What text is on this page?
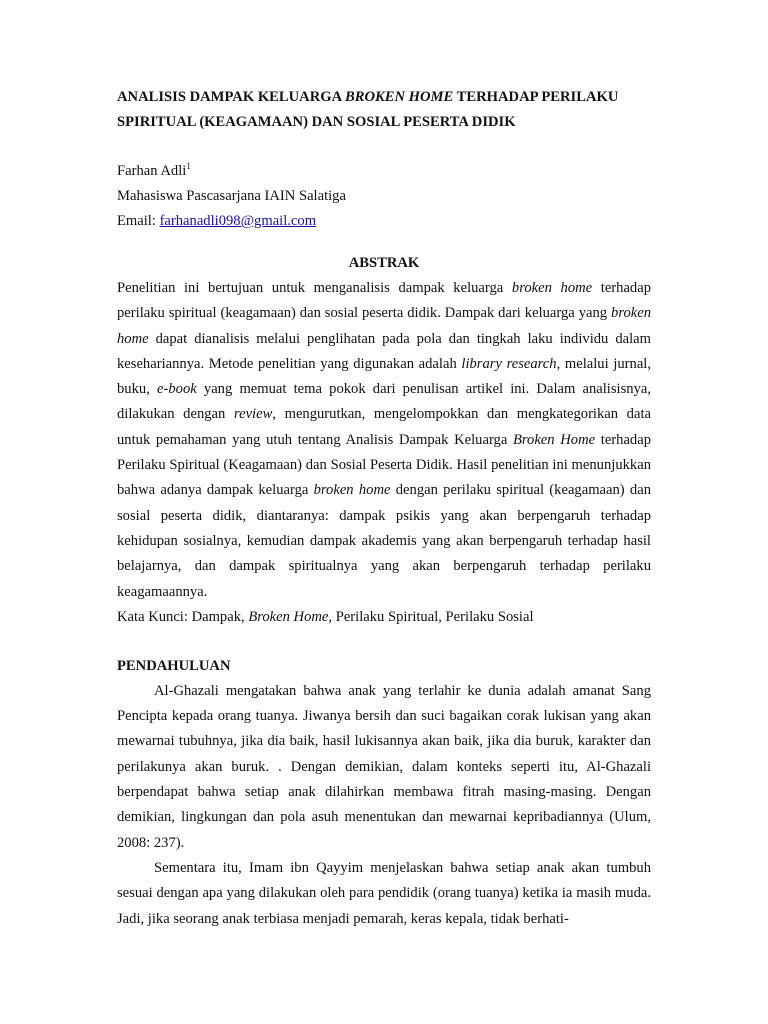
ANALISIS DAMPAK KELUARGA BROKEN HOME TERHADAP PERILAKU SPIRITUAL (KEAGAMAAN) DAN SOSIAL PESERTA DIDIK

Farhan Adli$^1$
Mahasiswa Pascasarjana IAIN Salatiga
Email: farhanadli098@gmail.com
ABSTRAK

Penelitian ini bertujuan untuk menganalisis dampak keluarga broken home terhadap perilaku spiritual (keagamaan) dan sosial peserta didik. Dampak dari keluarga yang broken home dapat dianalisis melalui penglihatan pada pola dan tingkah laku individu dalam kesehariannya. Metode penelitian yang digunakan adalah library research, melalui jurnal, buku, e-book yang memuat tema pokok dari penulisan artikel ini. Dalam analisisnya, dilakukan dengan review, mengurutkan, mengelompokkan dan mengkategorikan data untuk pemahaman yang utuh tentang Analisis Dampak Keluarga Broken Home terhadap Perilaku Spiritual (Keagamaan) dan Sosial Peserta Didik. Hasil penelitian ini menunjukkan bahwa adanya dampak keluarga broken home dengan perilaku spiritual (keagamaan) dan sosial peserta didik, diantaranya: dampak psikis yang akan berpengaruh terhadap kehidupan sosialnya, kemudian dampak akademis yang akan berpengaruh terhadap hasil belajarnya, dan dampak spiritualnya yang akan berpengaruh terhadap perilaku keagamaannya.

Kata Kunci: Dampak, Broken Home, Perilaku Spiritual, Perilaku Sosial

PENDAHULUAN

Al-Ghazali mengatakan bahwa anak yang terlahir ke dunia adalah amanat Sang Pencipta kepada orang tuanya. Jiwanya bersih dan suci bagaikan corak lukisan yang akan mewarnai tubuhnya, jika dia baik, hasil lukisannya akan baik, jika dia buruk, karakter dan perilakunya akan buruk. . Dengan demikian, dalam konteks seperti itu, Al-Ghazali berpendapat bahwa setiap anak dilahirkan membawa fitrah masing-masing. Dengan demikian, lingkungan dan pola asuh menentukan dan mewarnai kepribadiannya (Ulum, 2008: 237).

Sementara itu, Imam ibn Qayyim menjelaskan bahwa setiap anak akan tumbuh sesuai dengan apa yang dilakukan oleh para pendidik (orang tuanya) ketika ia masih muda. Jadi, jika seorang anak terbiasa menjadi pemarah, keras kepala, tidak berhati-
